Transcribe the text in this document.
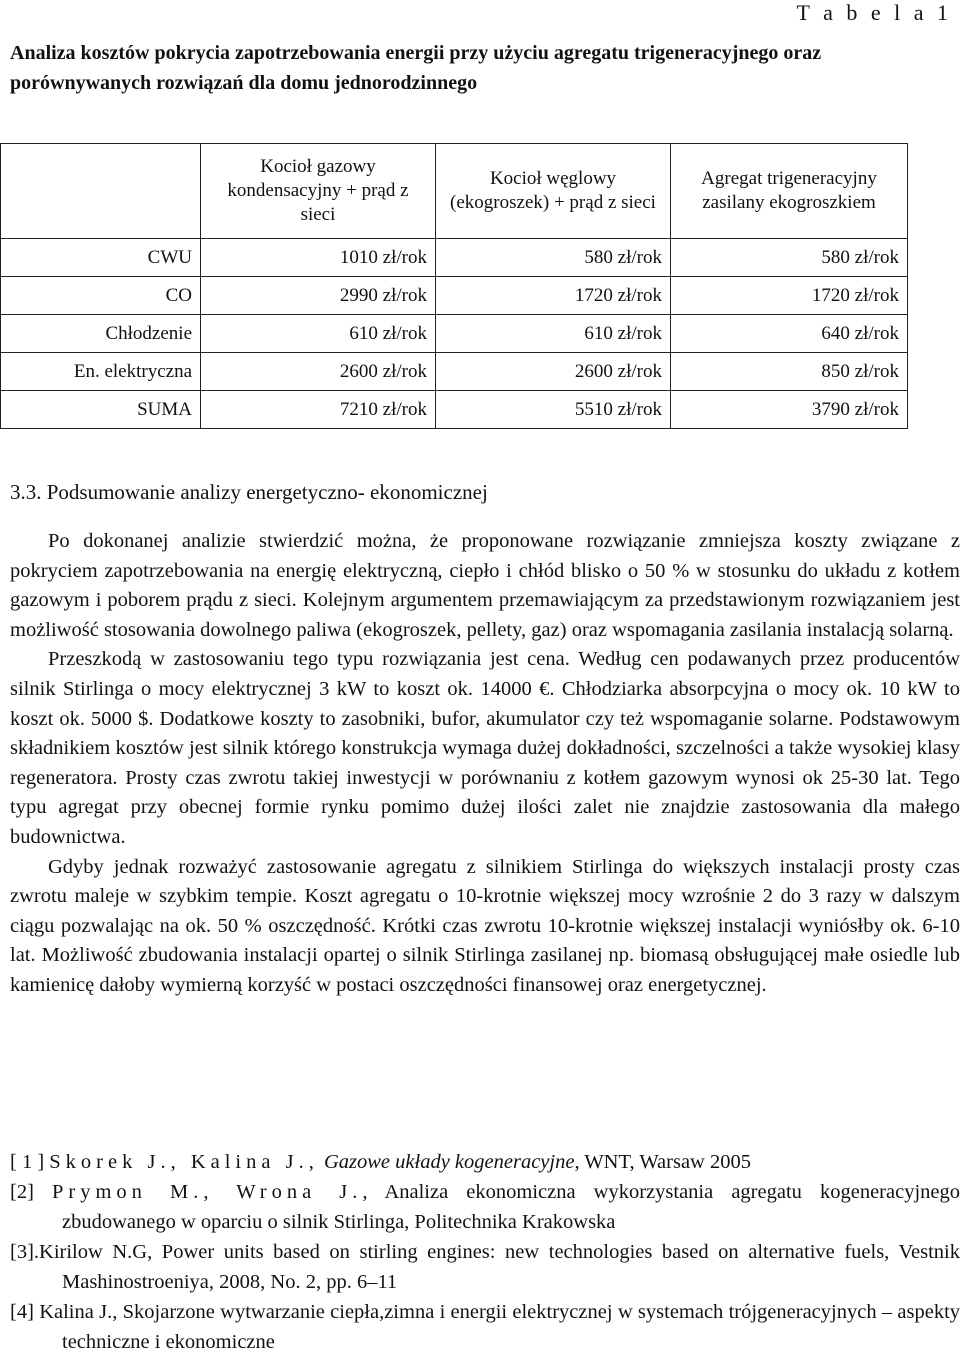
T a b e l a 1
Analiza kosztów pokrycia zapotrzebowania energii przy użyciu agregatu trigeneracyjnego oraz porównywanych rozwiązań dla domu jednorodzinnego
	Kocioł gazowy kondensacyjny + prąd z sieci	Kocioł węglowy (ekogroszek) + prąd z sieci	Agregat trigeneracyjny zasilany ekogroszkiem
CWU	1010 zł/rok	580 zł/rok	580 zł/rok
CO	2990 zł/rok	1720 zł/rok	1720 zł/rok
Chłodzenie	610 zł/rok	610 zł/rok	640 zł/rok
En. elektryczna	2600 zł/rok	2600 zł/rok	850 zł/rok
SUMA	7210 zł/rok	5510 zł/rok	3790 zł/rok
3.3. Podsumowanie analizy energetyczno- ekonomicznej

Po dokonanej analizie stwierdzić można, że proponowane rozwiązanie zmniejsza koszty związane z pokryciem zapotrzebowania na energię elektryczną, ciepło i chłód blisko o 50 % w stosunku do układu z kotłem gazowym i poborem prądu z sieci. Kolejnym argumentem przemawiającym za przedstawionym rozwiązaniem jest możliwość stosowania dowolnego paliwa (ekogroszek, pellety, gaz) oraz wspomagania zasilania instalacją solarną.

Przeszkodą w zastosowaniu tego typu rozwiązania jest cena. Według cen podawanych przez producentów silnik Stirlinga o mocy elektrycznej 3 kW to koszt ok. 14000 €. Chłodziarka absorpcyjna o mocy ok. 10 kW to koszt ok. 5000 $. Dodatkowe koszty to zasobniki, bufor, akumulator czy też wspomaganie solarne. Podstawowym składnikiem kosztów jest silnik którego konstrukcja wymaga dużej dokładności, szczelności a także wysokiej klasy regeneratora. Prosty czas zwrotu takiej inwestycji w porównaniu z kotłem gazowym wynosi ok 25-30 lat. Tego typu agregat przy obecnej formie rynku pomimo dużej ilości zalet nie znajdzie zastosowania dla małego budownictwa.

Gdyby jednak rozważyć zastosowanie agregatu z silnikiem Stirlinga do większych instalacji prosty czas zwrotu maleje w szybkim tempie. Koszt agregatu o 10-krotnie większej mocy wzrośnie 2 do 3 razy w dalszym ciągu pozwalając na ok. 50 % oszczędność. Krótki czas zwrotu 10-krotnie większej instalacji wyniósłby ok. 6-10 lat. Możliwość zbudowania instalacji opartej o silnik Stirlinga zasilanej np. biomasą obsługującej małe osiedle lub kamienicę dałoby wymierną korzyść w postaci oszczędności finansowej oraz energetycznej.

[ 1 ] Skorek J., Kalina J., Gazowe układy kogeneracyjne, WNT, Warsaw 2005
[2] Prymon M., Wrona J., Analiza ekonomiczna wykorzystania agregatu kogeneracyjnego zbudowanego w oparciu o silnik Stirlinga, Politechnika Krakowska
[3].Kirilow N.G, Power units based on stirling engines: new technologies based on alternative fuels, Vestnik Mashinostroeniya, 2008, No. 2, pp. 6–11
[4] Kalina J., Skojarzone wytwarzanie ciepła,zimna i energii elektrycznej w systemach trójgeneracyjnych – aspekty techniczne i ekonomiczne
